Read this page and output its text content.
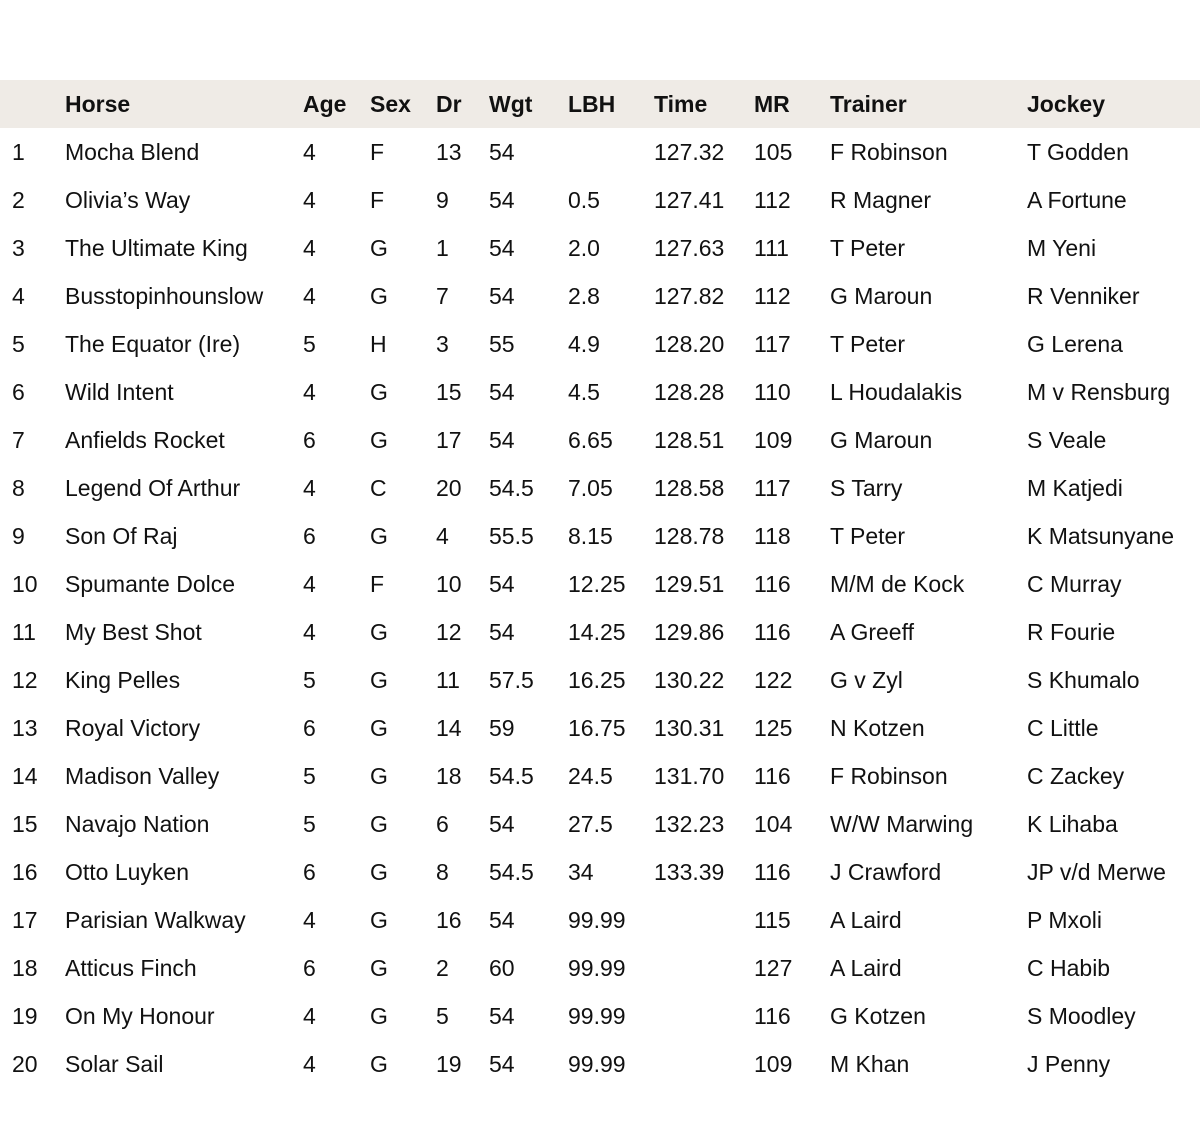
	Horse	Age	Sex	Dr	Wgt	LBH	Time	MR	Trainer	Jockey
1	Mocha Blend	4	F	13	54		127.32	105	F Robinson	T Godden
2	Olivia’s Way	4	F	9	54	0.5	127.41	112	R Magner	A Fortune
3	The Ultimate King	4	G	1	54	2.0	127.63	111	T Peter	M Yeni
4	Busstopinhounslow	4	G	7	54	2.8	127.82	112	G Maroun	R Venniker
5	The Equator (Ire)	5	H	3	55	4.9	128.20	117	T Peter	G Lerena
6	Wild Intent	4	G	15	54	4.5	128.28	110	L Houdalakis	M v Rensburg
7	Anfields Rocket	6	G	17	54	6.65	128.51	109	G Maroun	S Veale
8	Legend Of Arthur	4	C	20	54.5	7.05	128.58	117	S Tarry	M Katjedi
9	Son Of Raj	6	G	4	55.5	8.15	128.78	118	T Peter	K Matsunyane
10	Spumante Dolce	4	F	10	54	12.25	129.51	116	M/M de Kock	C Murray
11	My Best Shot	4	G	12	54	14.25	129.86	116	A Greeff	R Fourie
12	King Pelles	5	G	11	57.5	16.25	130.22	122	G v Zyl	S Khumalo
13	Royal Victory	6	G	14	59	16.75	130.31	125	N Kotzen	C Little
14	Madison Valley	5	G	18	54.5	24.5	131.70	116	F Robinson	C Zackey
15	Navajo Nation	5	G	6	54	27.5	132.23	104	W/W Marwing	K Lihaba
16	Otto Luyken	6	G	8	54.5	34	133.39	116	J Crawford	JP v/d Merwe
17	Parisian Walkway	4	G	16	54	99.99		115	A Laird	P Mxoli
18	Atticus Finch	6	G	2	60	99.99		127	A Laird	C Habib
19	On My Honour	4	G	5	54	99.99		116	G Kotzen	S Moodley
20	Solar Sail	4	G	19	54	99.99		109	M Khan	J Penny
